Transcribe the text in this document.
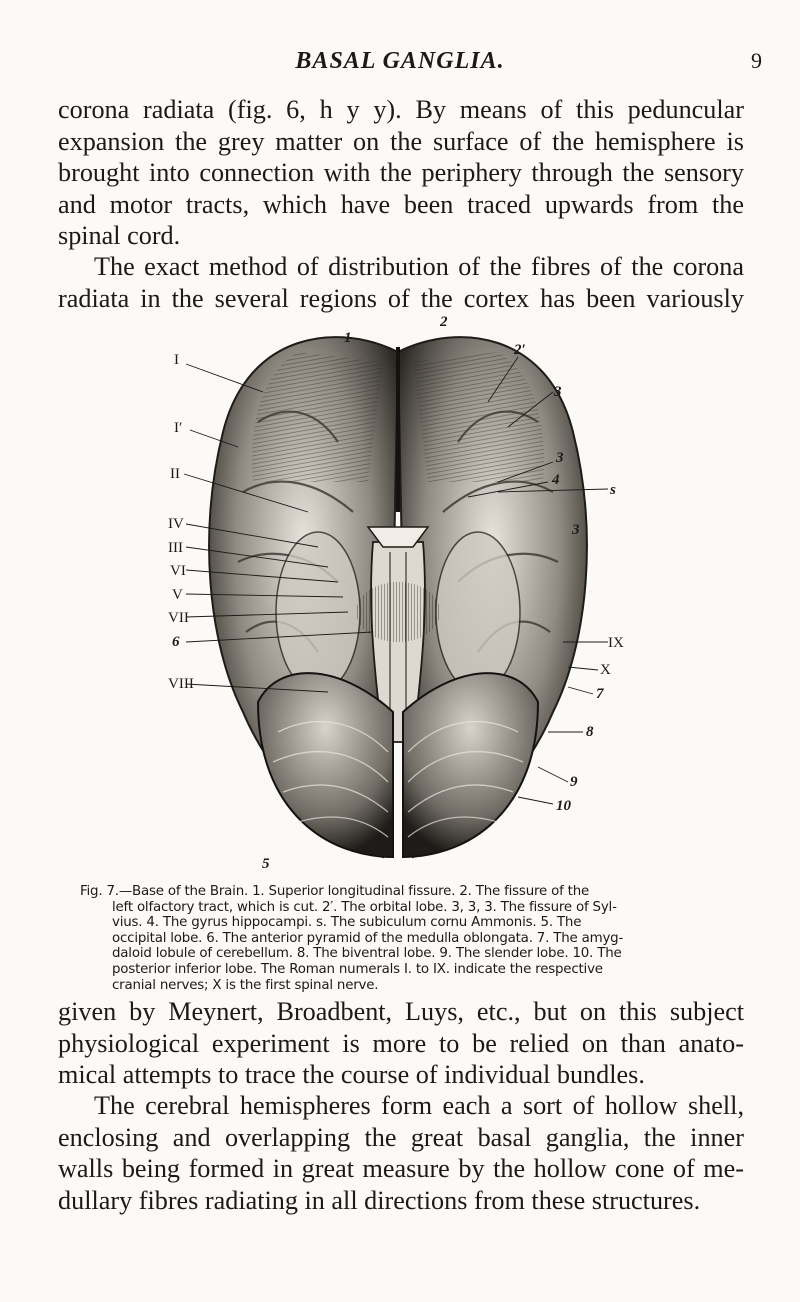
BASAL GANGLIA.	9

corona radiata (fig. 6, h y y). By means of this peduncular
expansion the grey matter on the surface of the hemisphere is
brought into connection with the periphery through the sensory
and motor tracts, which have been traced upwards from the
spinal cord.

The exact method of distribution of the fibres of the corona
radiata in the several regions of the cortex has been variously

I
I′
II
IV
III
VI
V
VII
6
VIII
2′
3
3
4
s
3
IX
X
7
8
9
10
1
2
5
1

Fig. 7.—Base of the Brain. 1. Superior longitudinal fissure. 2. The fissure of the
left olfactory tract, which is cut. 2′. The orbital lobe. 3, 3, 3. The fissure of Syl-
vius. 4. The gyrus hippocampi. s. The subiculum cornu Ammonis. 5. The
occipital lobe. 6. The anterior pyramid of the medulla oblongata. 7. The amyg-
daloid lobule of cerebellum. 8. The biventral lobe. 9. The slender lobe. 10. The
posterior inferior lobe. The Roman numerals I. to IX. indicate the respective
cranial nerves; X is the first spinal nerve.

given by Meynert, Broadbent, Luys, etc., but on this subject
physiological experiment is more to be relied on than anato-
mical attempts to trace the course of individual bundles.

The cerebral hemispheres form each a sort of hollow shell,
enclosing and overlapping the great basal ganglia, the inner
walls being formed in great measure by the hollow cone of me-
dullary fibres radiating in all directions from these structures.
